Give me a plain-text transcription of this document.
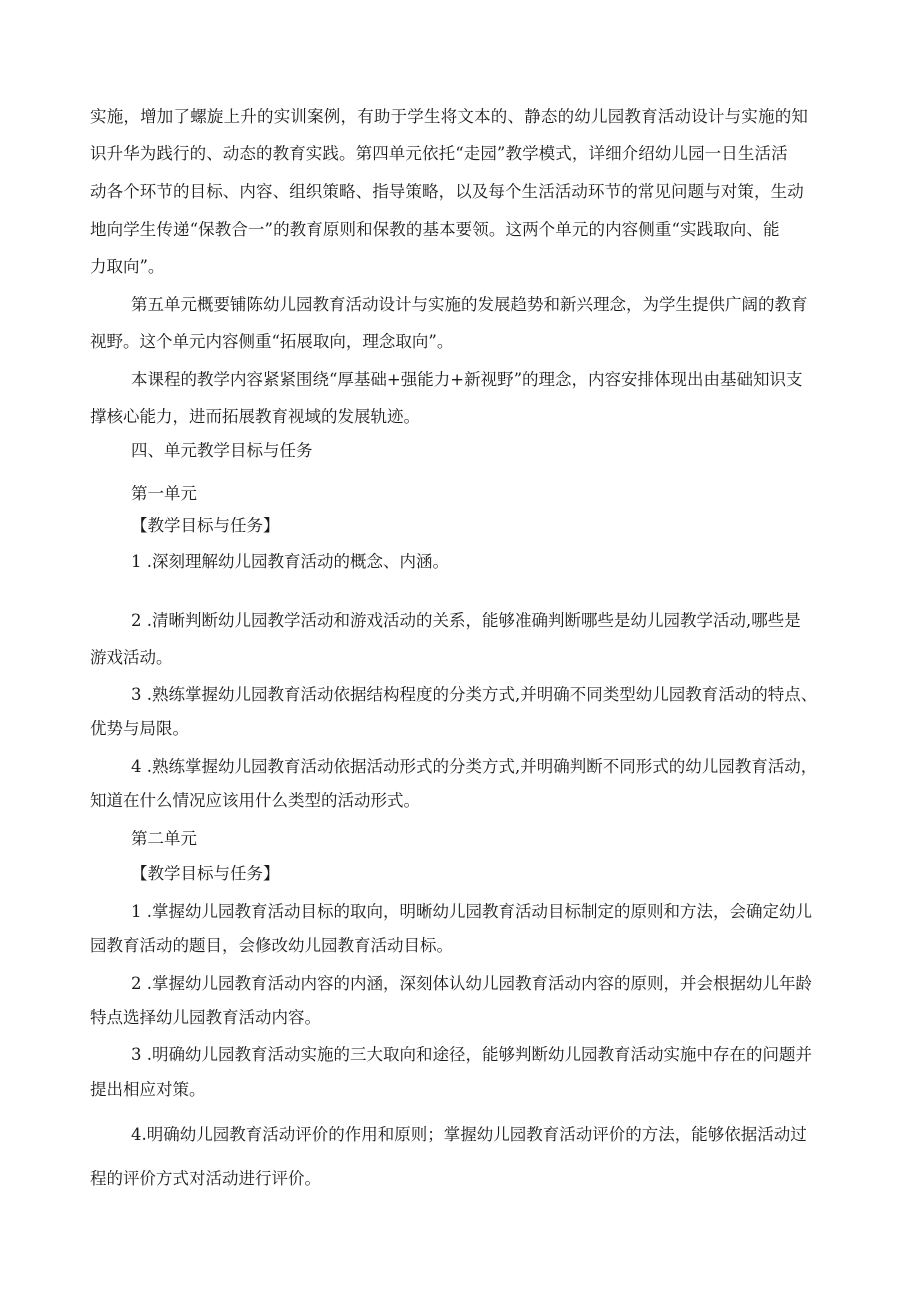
实施，增加了螺旋上升的实训案例，有助于学生将文本的、静态的幼儿园教育活动设计与实施的知
识升华为践行的、动态的教育实践。第四单元依托“走园”教学模式，详细介绍幼儿园一日生活活
动各个环节的目标、内容、组织策略、指导策略，以及每个生活活动环节的常见问题与对策，生动
地向学生传递“保教合一”的教育原则和保教的基本要领。这两个单元的内容侧重“实践取向、能
力取向”。
第五单元概要铺陈幼儿园教育活动设计与实施的发展趋势和新兴理念，为学生提供广阔的教育
视野。这个单元内容侧重“拓展取向，理念取向”。
本课程的教学内容紧紧围绕“厚基础+强能力+新视野”的理念，内容安排体现出由基础知识支
撑核心能力，进而拓展教育视域的发展轨迹。
四、单元教学目标与任务
第一单元
【教学目标与任务】
1 .深刻理解幼儿园教育活动的概念、内涵。
2 .清晰判断幼儿园教学活动和游戏活动的关系，能够准确判断哪些是幼儿园教学活动,哪些是
游戏活动。
3 .熟练掌握幼儿园教育活动依据结构程度的分类方式,并明确不同类型幼儿园教育活动的特点、
优势与局限。
4 .熟练掌握幼儿园教育活动依据活动形式的分类方式,并明确判断不同形式的幼儿园教育活动，
知道在什么情况应该用什么类型的活动形式。
第二单元
【教学目标与任务】
1 .掌握幼儿园教育活动目标的取向，明晰幼儿园教育活动目标制定的原则和方法，会确定幼儿
园教育活动的题目，会修改幼儿园教育活动目标。
2 .掌握幼儿园教育活动内容的内涵，深刻体认幼儿园教育活动内容的原则，并会根据幼儿年龄
特点选择幼儿园教育活动内容。
3 .明确幼儿园教育活动实施的三大取向和途径，能够判断幼儿园教育活动实施中存在的问题并
提出相应对策。
4.明确幼儿园教育活动评价的作用和原则；掌握幼儿园教育活动评价的方法，能够依据活动过
程的评价方式对活动进行评价。
